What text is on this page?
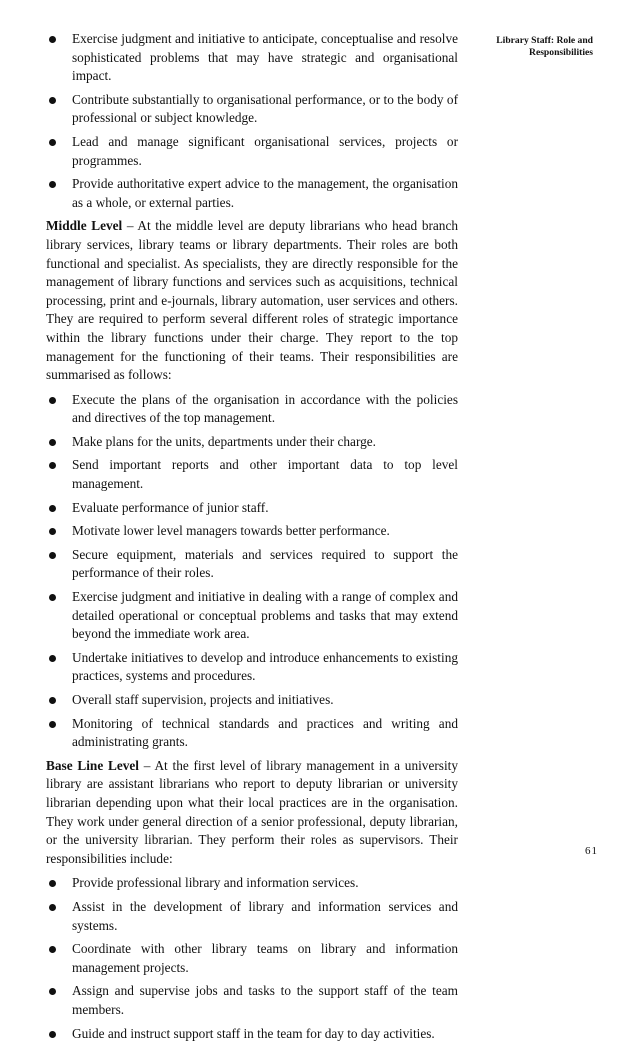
Library Staff: Role and
Responsibilities
Exercise judgment and initiative to anticipate, conceptualise and resolve sophisticated problems that may have strategic and organisational impact.
Contribute substantially to organisational performance, or to the body of professional or subject knowledge.
Lead and manage significant organisational services, projects or programmes.
Provide authoritative expert advice to the management, the organisation as a whole, or external parties.

Middle Level – At the middle level are deputy librarians who head branch library services, library teams or library departments. Their roles are both functional and specialist. As specialists, they are directly responsible for the management of library functions and services such as acquisitions, technical processing, print and e-journals, library automation, user services and others. They are required to perform several different roles of strategic importance within the library functions under their charge. They report to the top management for the functioning of their teams. Their responsibilities are summarised as follows:

Execute the plans of the organisation in accordance with the policies and directives of the top management.
Make plans for the units, departments under their charge.
Send important reports and other important data to top level management.
Evaluate performance of junior staff.
Motivate lower level managers towards better performance.
Secure equipment, materials and services required to support the performance of their roles.
Exercise judgment and initiative in dealing with a range of complex and detailed operational or conceptual problems and tasks that may extend beyond the immediate work area.
Undertake initiatives to develop and introduce enhancements to existing practices, systems and procedures.
Overall staff supervision, projects and initiatives.
Monitoring of technical standards and practices and writing and administrating grants.

Base Line Level – At the first level of library management in a university library are assistant librarians who report to deputy librarian or university librarian depending upon what their local practices are in the organisation. They work under general direction of a senior professional, deputy librarian, or the university librarian. They perform their roles as supervisors. Their responsibilities include:

Provide professional library and information services.
Assist in the development of library and information services and systems.
Coordinate with other library teams on library and information management projects.
Assign and supervise jobs and tasks to the support staff of the team members.
Guide and instruct support staff in the team for day to day activities.
61
